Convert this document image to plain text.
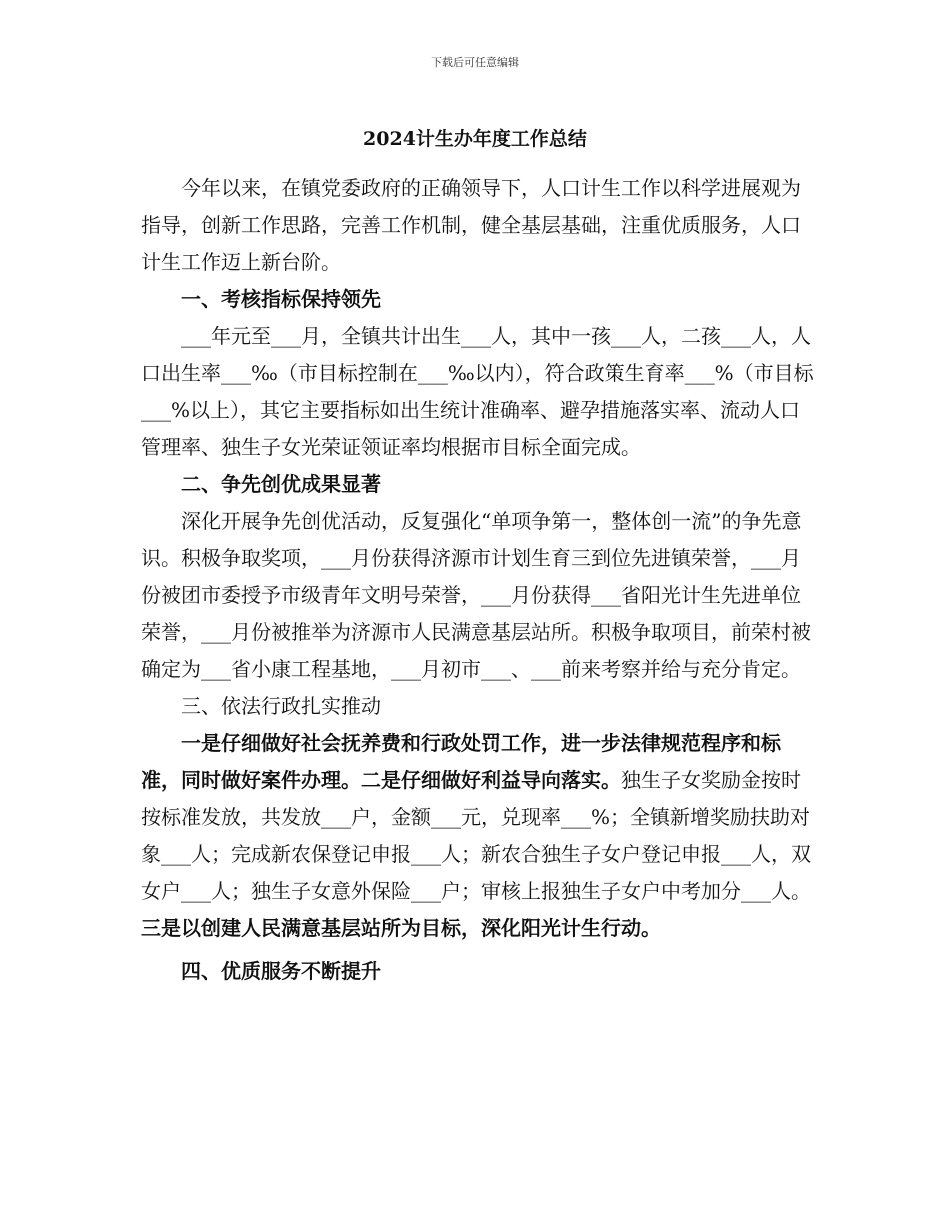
下载后可任意编辑
2024计生办年度工作总结

今年以来，在镇党委政府的正确领导下，人口计生工作以科学进展观为指导，创新工作思路，完善工作机制，健全基层基础，注重优质服务，人口计生工作迈上新台阶。

一、考核指标保持领先

___年元至___月，全镇共计出生___人，其中一孩___人，二孩___人，人口出生率___‰（市目标控制在___‰以内），符合政策生育率___%（市目标___%以上），其它主要指标如出生统计准确率、避孕措施落实率、流动人口管理率、独生子女光荣证领证率均根据市目标全面完成。

二、争先创优成果显著

深化开展争先创优活动，反复强化“单项争第一，整体创一流”的争先意识。积极争取奖项，___月份获得济源市计划生育三到位先进镇荣誉，___月份被团市委授予市级青年文明号荣誉，___月份获得___省阳光计生先进单位荣誉，___月份被推举为济源市人民满意基层站所。积极争取项目，前荣村被确定为___省小康工程基地，___月初市___、___前来考察并给与充分肯定。

三、依法行政扎实推动

一是仔细做好社会抚养费和行政处罚工作，进一步法律规范程序和标准，同时做好案件办理。二是仔细做好利益导向落实。独生子女奖励金按时按标准发放，共发放___户，金额___元，兑现率___%；全镇新增奖励扶助对象___人；完成新农保登记申报___人；新农合独生子女户登记申报___人，双女户___人；独生子女意外保险___户；审核上报独生子女户中考加分___人。三是以创建人民满意基层站所为目标，深化阳光计生行动。

四、优质服务不断提升
